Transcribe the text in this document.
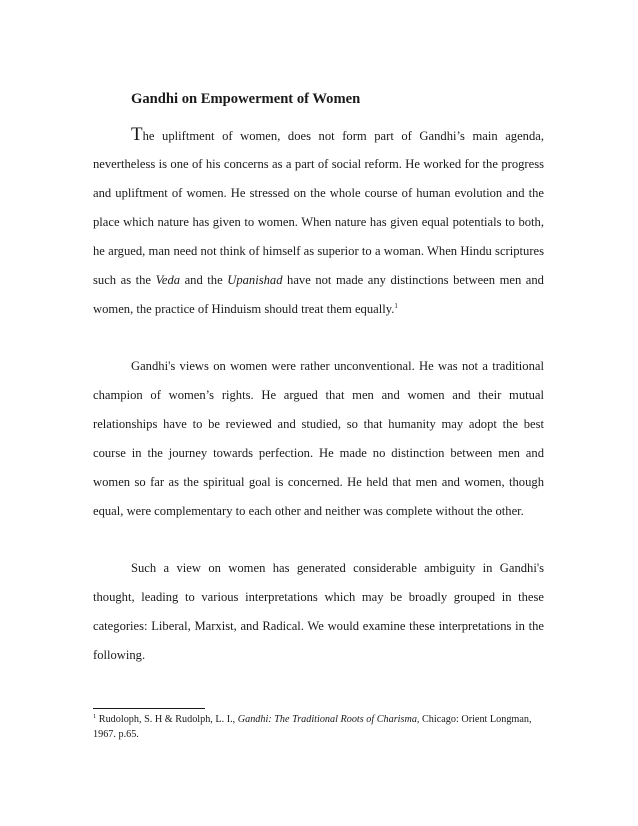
Gandhi on Empowerment of Women
The upliftment of women, does not form part of Gandhi’s main agenda,
nevertheless is one of his concerns as a part of social reform. He worked for the progress
and upliftment of women. He stressed on the whole course of human evolution and the
place which nature has given to women. When nature has given equal potentials to both,
he argued, man need not think of himself as superior to a woman. When Hindu scriptures
such as the Veda and the Upanishad have not made any distinctions between men and
women, the practice of Hinduism should treat them equally.$^1$
Gandhi's views on women were rather unconventional. He was not a traditional
champion of women’s rights. He argued that men and women and their mutual
relationships have to be reviewed and studied, so that humanity may adopt the best
course in the journey towards perfection. He made no distinction between men and
women so far as the spiritual goal is concerned. He held that men and women, though
equal, were complementary to each other and neither was complete without the other.
Such a view on women has generated considerable ambiguity in Gandhi's
thought, leading to various interpretations which may be broadly grouped in these
categories: Liberal, Marxist, and Radical. We would examine these interpretations in the
following.
$^1$ Rudoloph, S. H & Rudolph, L. I., Gandhi: The Traditional Roots of Charisma, Chicago: Orient Longman,
1967. p.65.
